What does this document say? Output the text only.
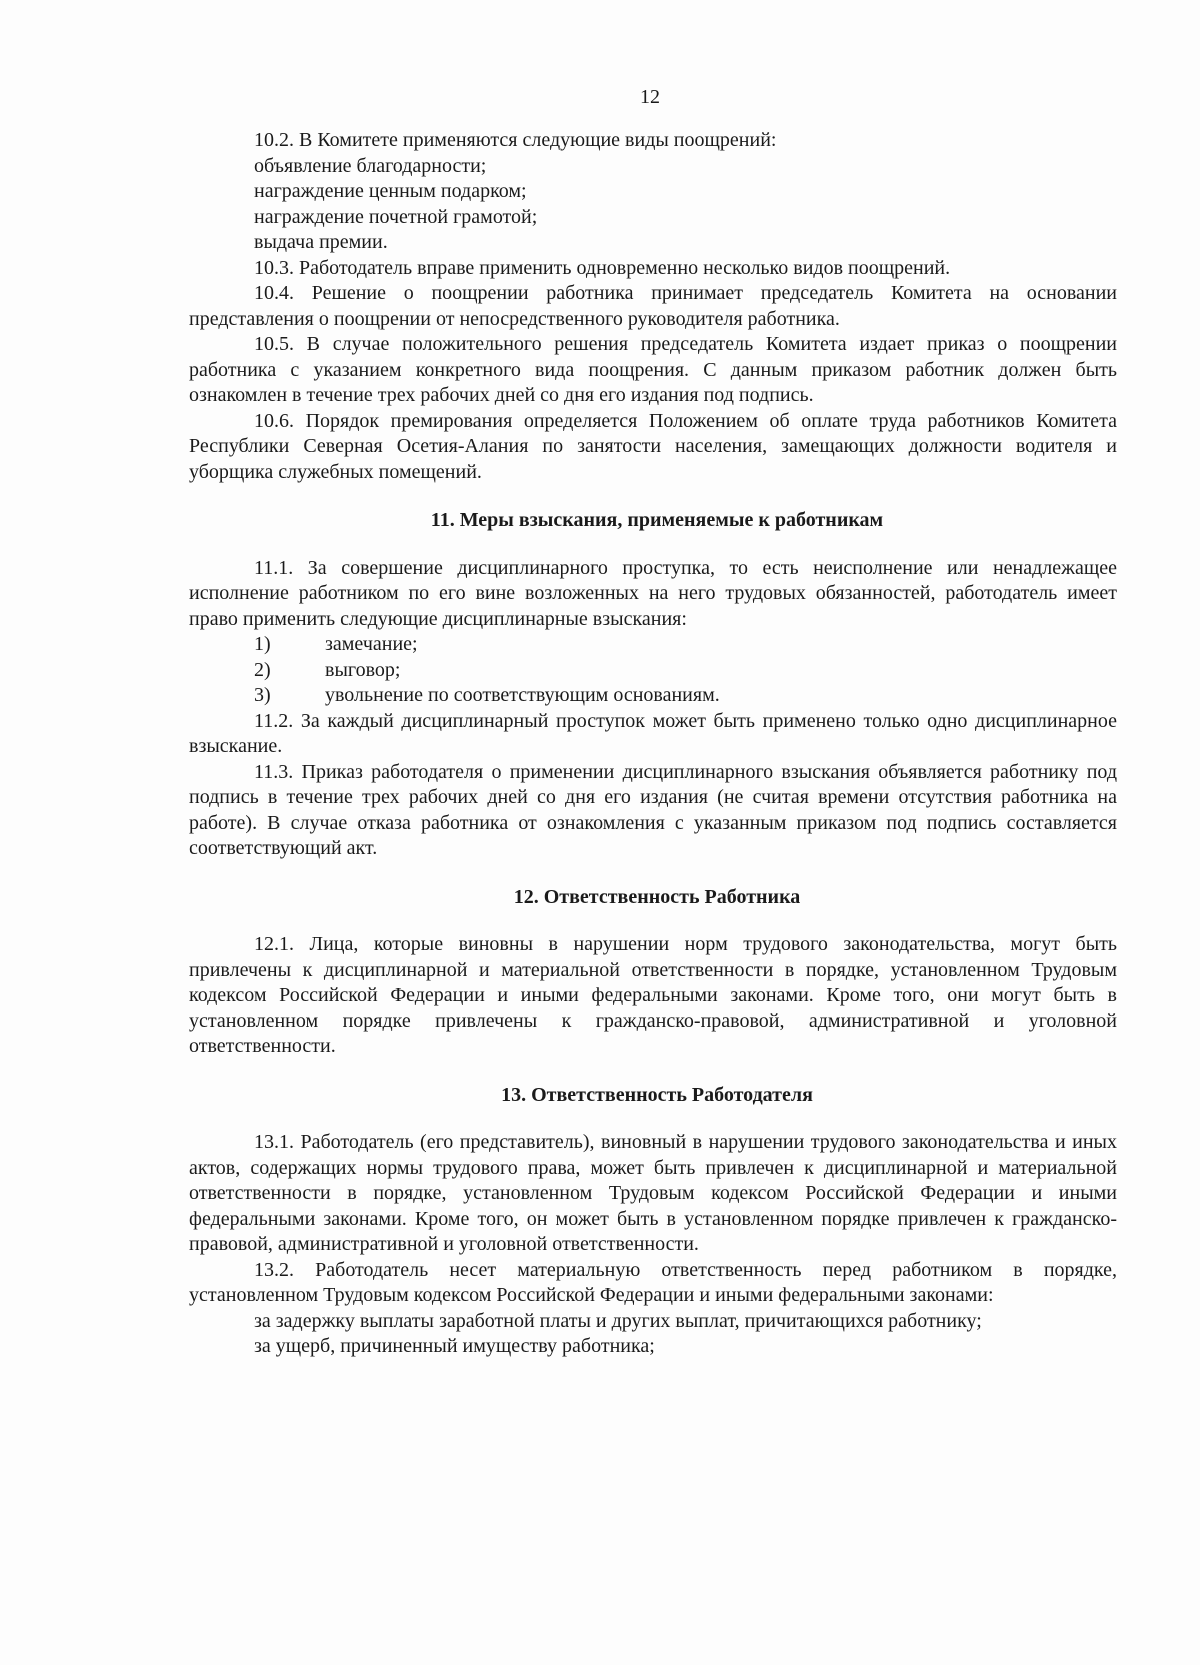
12

10.2. В Комитете применяются следующие виды поощрений:

объявление благодарности;

награждение ценным подарком;

награждение почетной грамотой;

выдача премии.

10.3. Работодатель вправе применить одновременно несколько видов поощрений.

10.4. Решение о поощрении работника принимает председатель Комитета на основании представления о поощрении от непосредственного руководителя работника.

10.5. В случае положительного решения председатель Комитета издает приказ о поощрении работника с указанием конкретного вида поощрения. С данным приказом работник должен быть ознакомлен в течение трех рабочих дней со дня его издания под подпись.

10.6. Порядок премирования определяется Положением об оплате труда работников Комитета Республики Северная Осетия-Алания по занятости населения, замещающих должности водителя и уборщика служебных помещений.

11. Меры взыскания, применяемые к работникам

11.1. За совершение дисциплинарного проступка, то есть неисполнение или ненадлежащее исполнение работником по его вине возложенных на него трудовых обязанностей, работодатель имеет право применить следующие дисциплинарные взыскания:

1)	замечание;

2)	выговор;

3)	увольнение по соответствующим основаниям.

11.2. За каждый дисциплинарный проступок может быть применено только одно дисциплинарное взыскание.

11.3. Приказ работодателя о применении дисциплинарного взыскания объявляется работнику под подпись в течение трех рабочих дней со дня его издания (не считая времени отсутствия работника на работе). В случае отказа работника от ознакомления с указанным приказом под подпись составляется соответствующий акт.

12. Ответственность Работника

12.1. Лица, которые виновны в нарушении норм трудового законодательства, могут быть привлечены к дисциплинарной и материальной ответственности в порядке, установленном Трудовым кодексом Российской Федерации и иными федеральными законами. Кроме того, они могут быть в установленном порядке привлечены к гражданско-правовой, административной и уголовной ответственности.

13. Ответственность Работодателя

13.1. Работодатель (его представитель), виновный в нарушении трудового законодательства и иных актов, содержащих нормы трудового права, может быть привлечен к дисциплинарной и материальной ответственности в порядке, установленном Трудовым кодексом Российской Федерации и иными федеральными законами. Кроме того, он может быть в установленном порядке привлечен к гражданско-правовой, административной и уголовной ответственности.

13.2. Работодатель несет материальную ответственность перед работником в порядке, установленном Трудовым кодексом Российской Федерации и иными федеральными законами:

за задержку выплаты заработной платы и других выплат, причитающихся работнику;

за ущерб, причиненный имуществу работника;
